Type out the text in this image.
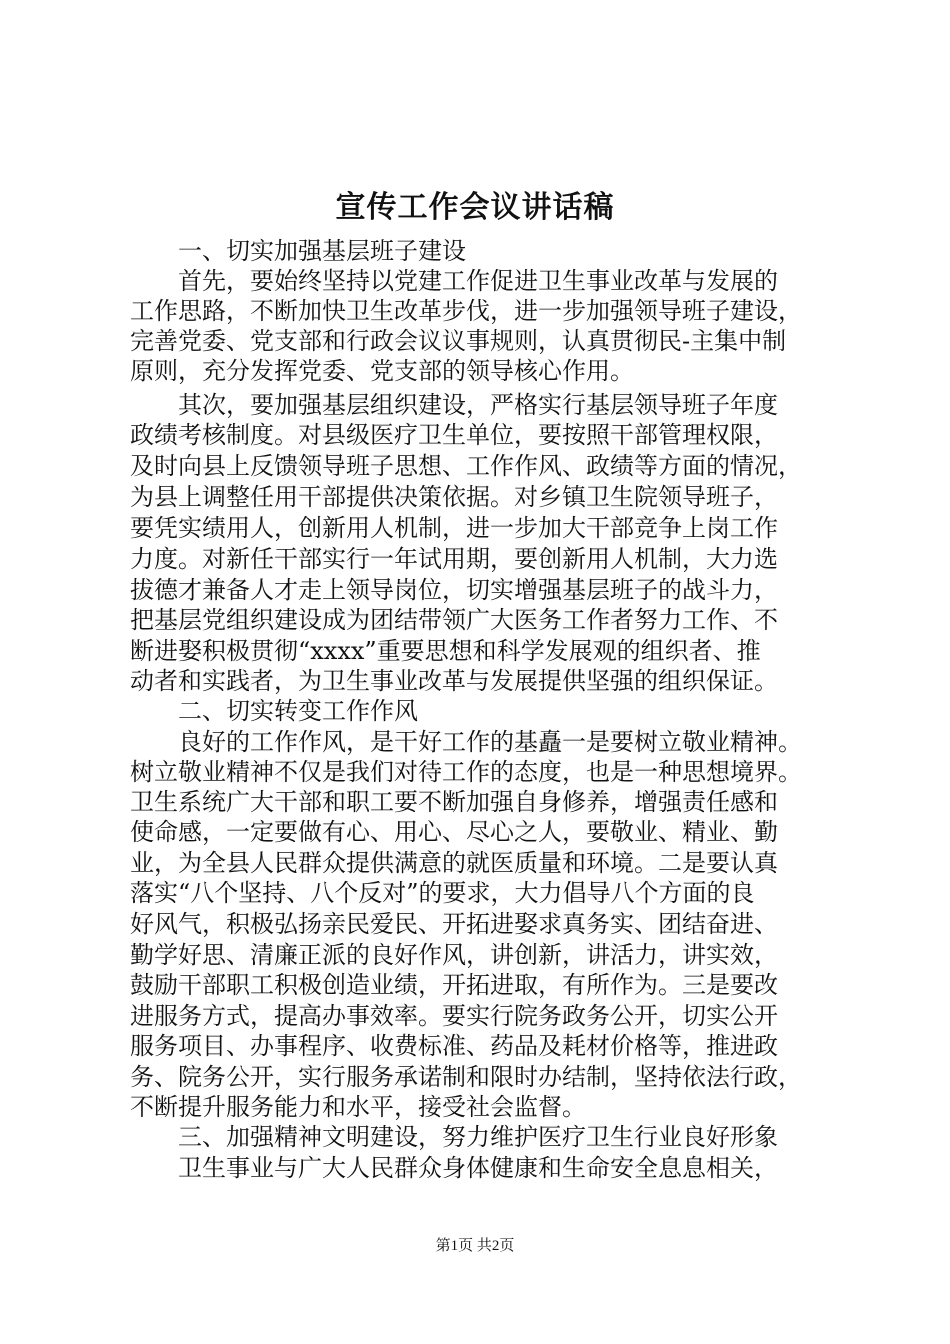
宣传工作会议讲话稿
一、切实加强基层班子建设
首先，要始终坚持以党建工作促进卫生事业改革与发展的
工作思路，不断加快卫生改革步伐，进一步加强领导班子建设，
完善党委、党支部和行政会议议事规则，认真贯彻民-主集中制
原则，充分发挥党委、党支部的领导核心作用。
其次，要加强基层组织建设，严格实行基层领导班子年度
政绩考核制度。对县级医疗卫生单位，要按照干部管理权限，
及时向县上反馈领导班子思想、工作作风、政绩等方面的情况，
为县上调整任用干部提供决策依据。对乡镇卫生院领导班子，
要凭实绩用人，创新用人机制，进一步加大干部竞争上岗工作
力度。对新任干部实行一年试用期，要创新用人机制，大力选
拔德才兼备人才走上领导岗位，切实增强基层班子的战斗力，
把基层党组织建设成为团结带领广大医务工作者努力工作、不
断进娶积极贯彻“xxxx”重要思想和科学发展观的组织者、推
动者和实践者，为卫生事业改革与发展提供坚强的组织保证。
二、切实转变工作作风
良好的工作作风，是干好工作的基矗一是要树立敬业精神。
树立敬业精神不仅是我们对待工作的态度，也是一种思想境界。
卫生系统广大干部和职工要不断加强自身修养，增强责任感和
使命感，一定要做有心、用心、尽心之人，要敬业、精业、勤
业，为全县人民群众提供满意的就医质量和环境。二是要认真
落实“八个坚持、八个反对”的要求，大力倡导八个方面的良
好风气，积极弘扬亲民爱民、开拓进娶求真务实、团结奋进、
勤学好思、清廉正派的良好作风，讲创新，讲活力，讲实效，
鼓励干部职工积极创造业绩，开拓进取，有所作为。三是要改
进服务方式，提高办事效率。要实行院务政务公开，切实公开
服务项目、办事程序、收费标准、药品及耗材价格等，推进政
务、院务公开，实行服务承诺制和限时办结制，坚持依法行政，
不断提升服务能力和水平，接受社会监督。
三、加强精神文明建设，努力维护医疗卫生行业良好形象
卫生事业与广大人民群众身体健康和生命安全息息相关，
第1页 共2页
